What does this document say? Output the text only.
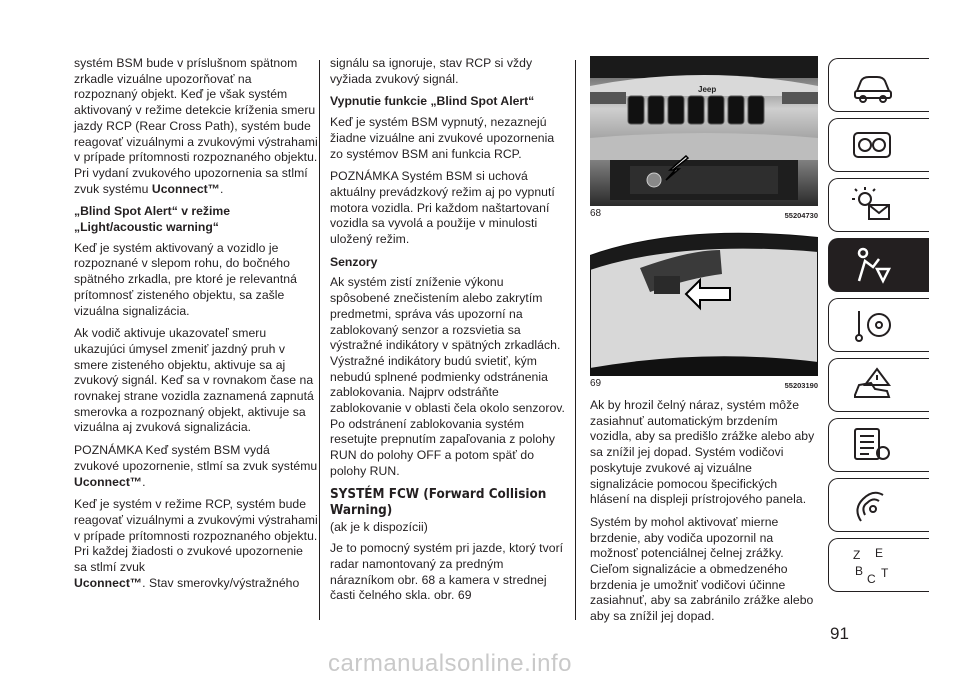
systém BSM bude v príslušnom spätnom zrkadle vizuálne upozorňovať na rozpoznaný objekt. Keď je však systém aktivovaný v režime detekcie kríženia smeru jazdy RCP (Rear Cross Path), systém bude reagovať vizuálnymi a zvukovými výstrahami v prípade prítomnosti rozpoznaného objektu. Pri vydaní zvukového upozornenia sa stlmí zvuk systému Uconnect™.

„Blind Spot Alert“ v režime „Light/acoustic warning“

Keď je systém aktivovaný a vozidlo je rozpoznané v slepom rohu, do bočného spätného zrkadla, pre ktoré je relevantná prítomnosť zisteného objektu, sa zašle vizuálna signalizácia.

Ak vodič aktivuje ukazovateľ smeru ukazujúci úmysel zmeniť jazdný pruh v smere zisteného objektu, aktivuje sa aj zvukový signál. Keď sa v rovnakom čase na rovnakej strane vozidla zaznamená zapnutá smerovka a rozpoznaný objekt, aktivuje sa vizuálna aj zvuková signalizácia.

POZNÁMKA Keď systém BSM vydá zvukové upozornenie, stlmí sa zvuk systému Uconnect™.

Keď je systém v režime RCP, systém bude reagovať vizuálnymi a zvukovými výstrahami v prípade prítomnosti rozpoznaného objektu. Pri každej žiadosti o zvukové upozornenie sa stlmí zvuk
Uconnect™. Stav smerovky/výstražného

signálu sa ignoruje, stav RCP si vždy vyžiada zvukový signál.

Vypnutie funkcie „Blind Spot Alert“

Keď je systém BSM vypnutý, nezaznejú žiadne vizuálne ani zvukové upozornenia zo systémov BSM ani funkcia RCP.

POZNÁMKA Systém BSM si uchová aktuálny prevádzkový režim aj po vypnutí motora vozidla. Pri každom naštartovaní vozidla sa vyvolá a použije v minulosti uložený režim.

Senzory

Ak systém zistí zníženie výkonu spôsobené znečistením alebo zakrytím predmetmi, správa vás upozorní na zablokovaný senzor a rozsvietia sa výstražné indikátory v spätných zrkadlách. Výstražné indikátory budú svietiť, kým nebudú splnené podmienky odstránenia zablokovania. Najprv odstráňte zablokovanie v oblasti čela okolo senzorov. Po odstránení zablokovania systém resetujte prepnutím zapaľovania z polohy RUN do polohy OFF a potom späť do polohy RUN.

SYSTÉM FCW (Forward Collision Warning)

(ak je k dispozícii)

Je to pomocný systém pri jazde, ktorý tvorí radar namontovaný za predným nárazníkom obr. 68 a kamera v strednej časti čelného skla. obr. 69

Jeep
68	55204730
69	55203190

Ak by hrozil čelný náraz, systém môže zasiahnuť automatickým brzdením vozidla, aby sa predišlo zrážke alebo aby sa znížil jej dopad. Systém vodičovi poskytuje zvukové aj vizuálne signalizácie pomocou špecifických hlásení na displeji prístrojového panela.

Systém by mohol aktivovať mierne brzdenie, aby vodiča upozornil na možnosť potenciálnej čelnej zrážky. Cieľom signalizácie a obmedzeného brzdenia je umožniť vodičovi účinne zasiahnuť, aby sa zabránilo zrážke alebo aby sa znížil jej dopad.

Z E
B
C T
91
carmanualsonline.info
